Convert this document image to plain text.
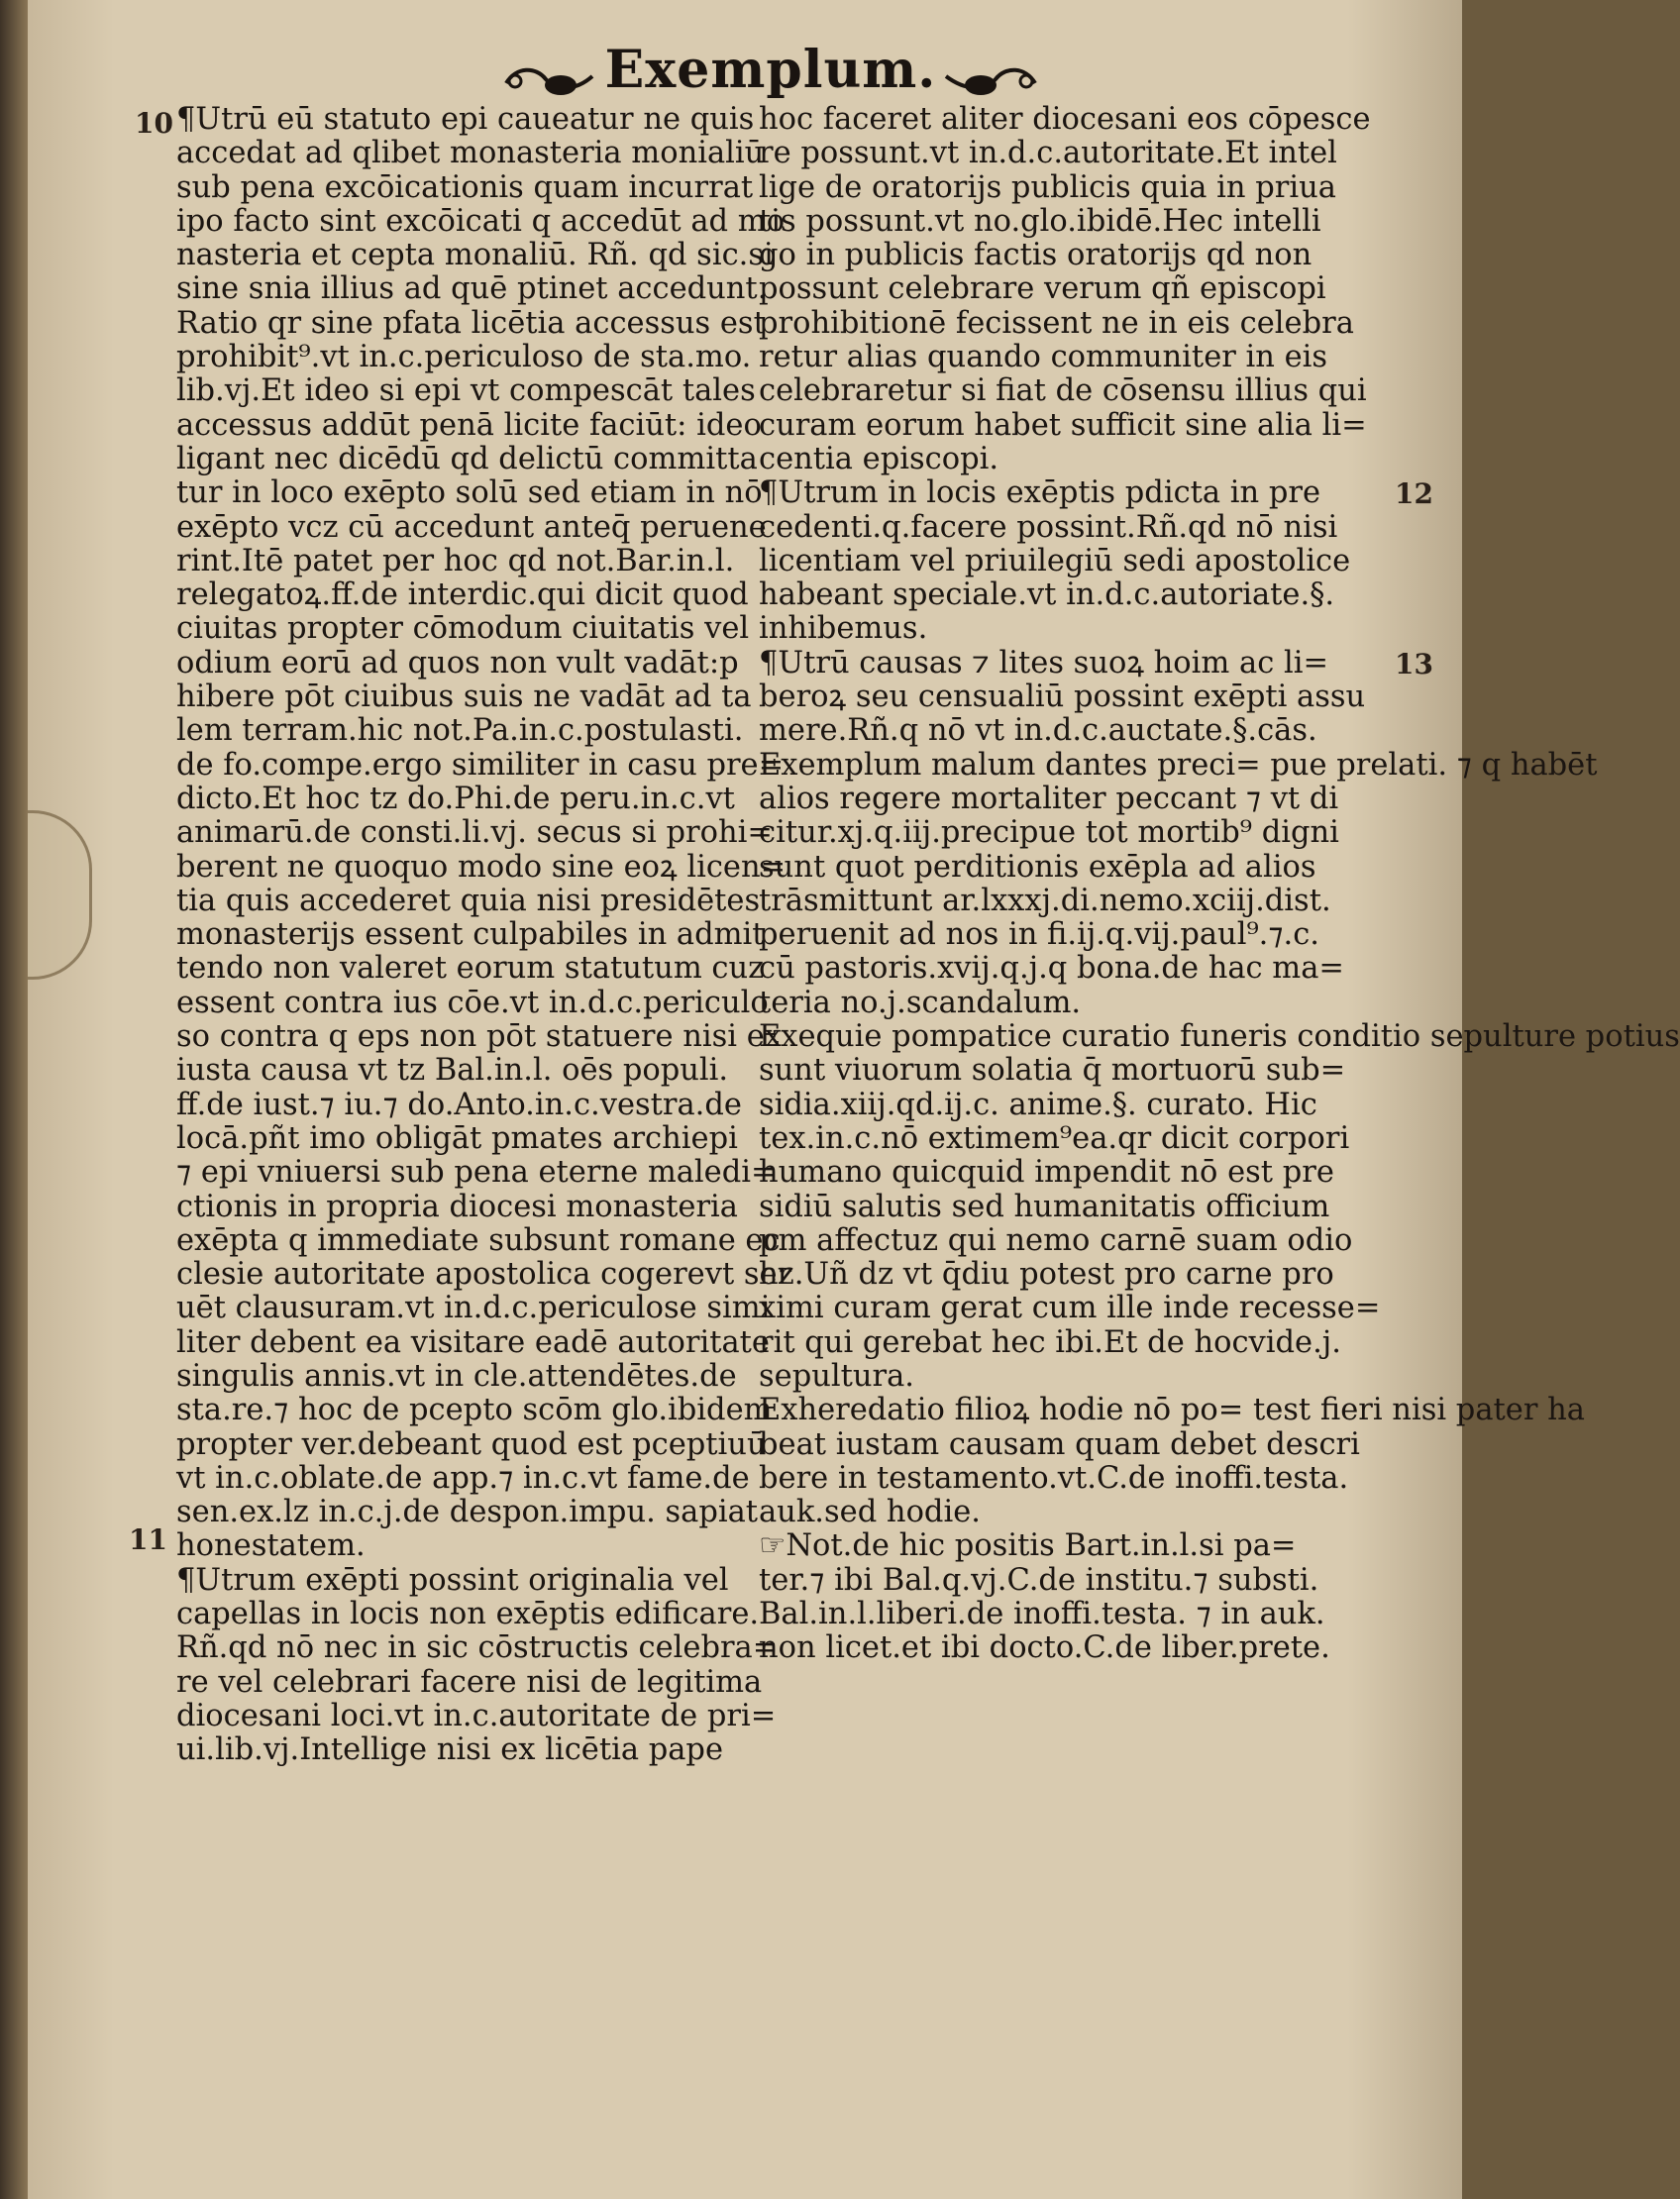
Exemplum.
10
11
12
13
¶Utrū eū statuto epi caueatur ne quis
accedat ad qlibet monasteria monialiū
sub pena excōicationis quam incurrat
ipo facto sint excōicati q accedūt ad mo
nasteria et cepta monaliū. Rñ. qd sic.si
sine snia illius ad quē ptinet accedunt.
Ratio qr sine pfata licētia accessus est
prohibit⁹.vt in.c.periculoso de sta.mo.
lib.vj.Et ideo si epi vt compescāt tales
accessus addūt penā licite faciūt: ideo
ligant nec dicēdū qd delictū committa
tur in loco exēpto solū sed etiam in nō
exēpto vcz cū accedunt anteq̄ peruene
rint.Itē patet per hoc qd not.Bar.in.l.
relegatoꝝ.ff.de interdic.qui dicit quod
ciuitas propter cōmodum ciuitatis vel
odium eorū ad quos non vult vadāt:p
hibere pōt ciuibus suis ne vadāt ad ta
lem terram.hic not.Pa.in.c.postulasti.
de fo.compe.ergo similiter in casu pre=
dicto.Et hoc tz do.Phi.de peru.in.c.vt
animarū.de consti.li.vj. secus si prohi=
berent ne quoquo modo sine eoꝝ licen=
tia quis accederet quia nisi presidētes
monasterijs essent culpabiles in admit
tendo non valeret eorum statutum cuz
essent contra ius cōe.vt in.d.c.periculo
so contra q eps non pōt statuere nisi ex
iusta causa vt tz Bal.in.l. oēs populi.
ff.de iust.⁊ iu.⁊ do.Anto.in.c.vestra.de
locā.pñt imo obligāt pmates archiepi
⁊ epi vniuersi sub pena eterne maledi=
ctionis in propria diocesi monasteria
exēpta q immediate subsunt romane ec
clesie autoritate apostolica cogerevt ser
uēt clausuram.vt in.d.c.periculose simi
liter debent ea visitare eadē autoritate
singulis annis.vt in cle.attendētes.de
sta.re.⁊ hoc de pcepto scōm glo.ibidem
propter ver.debeant quod est pceptiuū
vt in.c.oblate.de app.⁊ in.c.vt fame.de
sen.ex.lz in.c.j.de despon.impu. sapiat
honestatem.
¶Utrum exēpti possint originalia vel
capellas in locis non exēptis edificare.
Rñ.qd nō nec in sic cōstructis celebra=
re vel celebrari facere nisi de legitima
diocesani loci.vt in.c.autoritate de pri=
ui.lib.vj.Intellige nisi ex licētia pape
hoc faceret aliter diocesani eos cōpesce
re possunt.vt in.d.c.autoritate.Et intel
lige de oratorijs publicis quia in priua
tis possunt.vt no.glo.ibidē.Hec intelli
go in publicis factis oratorijs qd non
possunt celebrare verum qñ episcopi
prohibitionē fecissent ne in eis celebra
retur alias quando communiter in eis
celebraretur si fiat de cōsensu illius qui
curam eorum habet sufficit sine alia li=
centia episcopi.
¶Utrum in locis exēptis pdicta in pre
cedenti.q.facere possint.Rñ.qd nō nisi
licentiam vel priuilegiū sedi apostolice
habeant speciale.vt in.d.c.autoriate.§.
inhibemus.
¶Utrū causas ⁊ lites suoꝝ hoim ac li=
beroꝝ seu censualiū possint exēpti assu
mere.Rñ.q nō vt in.d.c.auctate.§.cās.
Exemplum malum dantes preci= pue prelati. ⁊ q habēt
alios regere mortaliter peccant ⁊ vt di
citur.xj.q.iij.precipue tot mortib⁹ digni
sunt quot perditionis exēpla ad alios
trāsmittunt ar.lxxxj.di.nemo.xciij.dist.
peruenit ad nos in fi.ij.q.vij.paul⁹.⁊.c.
cū pastoris.xvij.q.j.q bona.de hac ma=
teria no.j.scandalum.
Exequie pompatice curatio funeris conditio sepulture potius
sunt viuorum solatia q̄ mortuorū sub=
sidia.xiij.qd.ij.c. anime.§. curato. Hic
tex.in.c.nō extimem⁹ea.qr dicit corpori
humano quicquid impendit nō est pre
sidiū salutis sed humanitatis officium
pm affectuz qui nemo carnē suam odio
hz.Uñ dz vt q̄diu potest pro carne pro
ximi curam gerat cum ille inde recesse=
rit qui gerebat hec ibi.Et de hocvide.j.
sepultura.
Exheredatio filioꝝ hodie nō po= test fieri nisi pater ha
beat iustam causam quam debet descri
bere in testamento.vt.C.de inoffi.testa.
auk.sed hodie.
☞Not.de hic positis Bart.in.l.si pa=
ter.⁊ ibi Bal.q.vj.C.de institu.⁊ substi.
Bal.in.l.liberi.de inoffi.testa. ⁊ in auk.
non licet.et ibi docto.C.de liber.prete.
